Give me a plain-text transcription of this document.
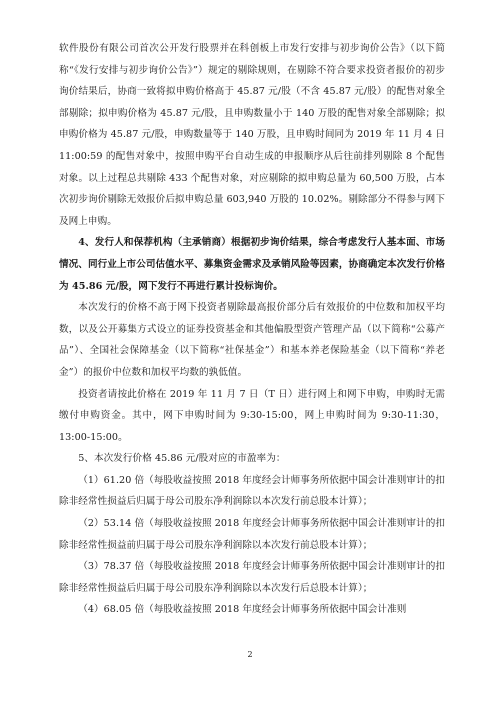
软件股份有限公司首次公开发行股票并在科创板上市发行安排与初步询价公告》（以下简称“《发行安排与初步询价公告》”）规定的剔除规则，在剔除不符合要求投资者报价的初步询价结果后，协商一致将拟申购价格高于 45.87 元/股（不含 45.87 元/股）的配售对象全部剔除；拟申购价格为 45.87 元/股，且申购数量小于 140 万股的配售对象全部剔除；拟申购价格为 45.87 元/股，申购数量等于 140 万股，且申购时间同为 2019 年 11 月 4 日 11:00:59 的配售对象中，按照申购平台自动生成的申报顺序从后往前排列剔除 8 个配售对象。以上过程总共剔除 433 个配售对象，对应剔除的拟申购总量为 60,500 万股，占本次初步询价剔除无效报价后拟申购总量 603,940 万股的 10.02%。剔除部分不得参与网下及网上申购。

4、发行人和保荐机构（主承销商）根据初步询价结果，综合考虑发行人基本面、市场情况、同行业上市公司估值水平、募集资金需求及承销风险等因素，协商确定本次发行价格为 45.86 元/股，网下发行不再进行累计投标询价。

本次发行的价格不高于网下投资者剔除最高报价部分后有效报价的中位数和加权平均数，以及公开募集方式设立的证券投资基金和其他偏股型资产管理产品（以下简称“公募产品”）、全国社会保障基金（以下简称“社保基金”）和基本养老保险基金（以下简称“养老金”）的报价中位数和加权平均数的孰低值。

投资者请按此价格在 2019 年 11 月 7 日（T 日）进行网上和网下申购，申购时无需缴付申购资金。其中，网下申购时间为 9:30-15:00，网上申购时间为 9:30-11:30，13:00-15:00。

5、本次发行价格 45.86 元/股对应的市盈率为：

（1）61.20 倍（每股收益按照 2018 年度经会计师事务所依据中国会计准则审计的扣除非经常性损益后归属于母公司股东净利润除以本次发行前总股本计算）；

（2）53.14 倍（每股收益按照 2018 年度经会计师事务所依据中国会计准则审计的扣除非经常性损益前归属于母公司股东净利润除以本次发行前总股本计算）；

（3）78.37 倍（每股收益按照 2018 年度经会计师事务所依据中国会计准则审计的扣除非经常性损益后归属于母公司股东净利润除以本次发行后总股本计算）；

（4）68.05 倍（每股收益按照 2018 年度经会计师事务所依据中国会计准则

2
